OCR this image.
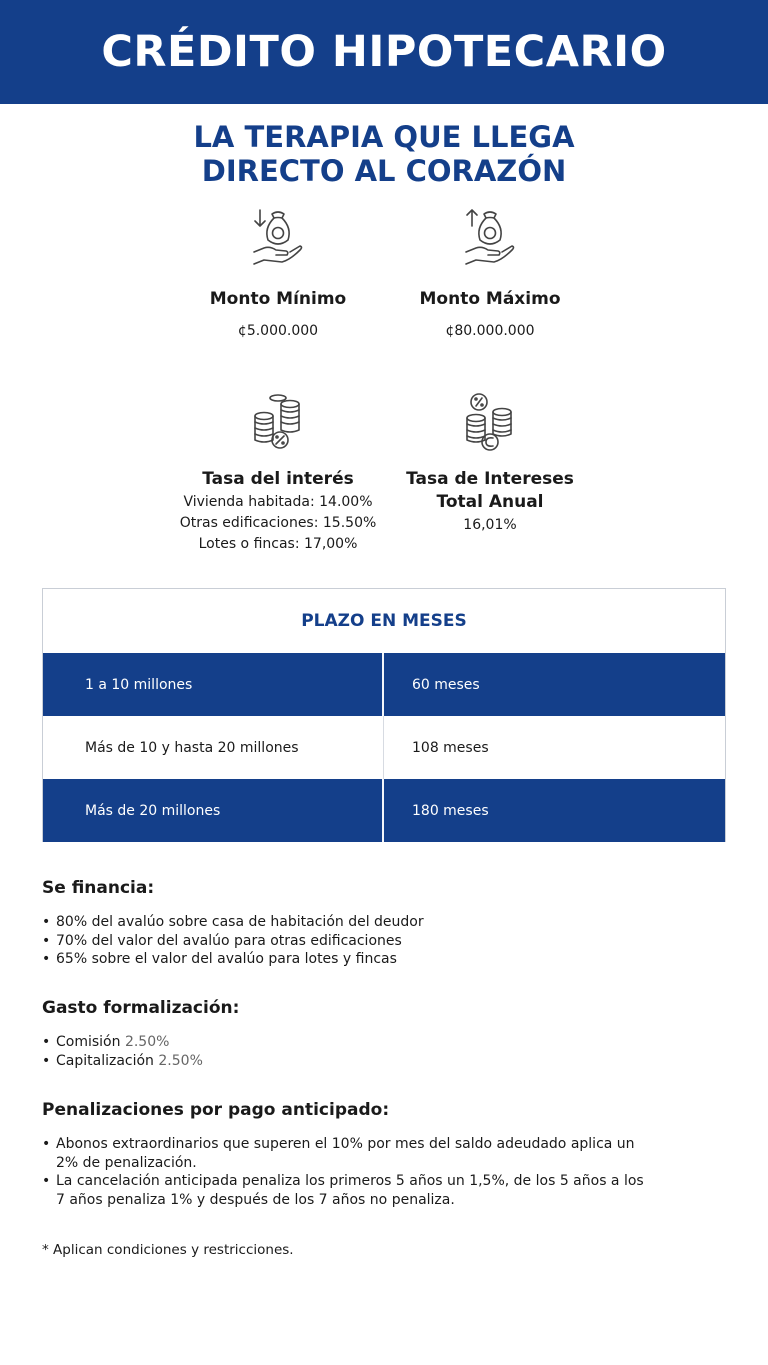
CRÉDITO HIPOTECARIO
LA TERAPIA QUE LLEGA
DIRECTO AL CORAZÓN
Monto Mínimo
¢5.000.000
Monto Máximo
¢80.000.000
Tasa del interés
Vivienda habitada: 14.00%
Otras edificaciones: 15.50%
Lotes o fincas: 17,00%
Tasa de Intereses
Total Anual
16,01%
PLAZO EN MESES
1 a 10 millones	60 meses
Más de 10 y hasta 20 millones	108 meses
Más de 20 millones	180 meses
Se financia:
• 80% del avalúo sobre casa de habitación del deudor
• 70% del valor del avalúo para otras edificaciones
• 65% sobre el valor del avalúo para lotes y fincas
Gasto formalización:
• Comisión 2.50%
• Capitalización 2.50%
Penalizaciones por pago anticipado:
• Abonos extraordinarios que superen el 10% por mes del saldo adeudado aplica un 2% de penalización.
• La cancelación anticipada penaliza los primeros 5 años un 1,5%, de los 5 años a los 7 años penaliza 1% y después de los 7 años no penaliza.
* Aplican condiciones y restricciones.
